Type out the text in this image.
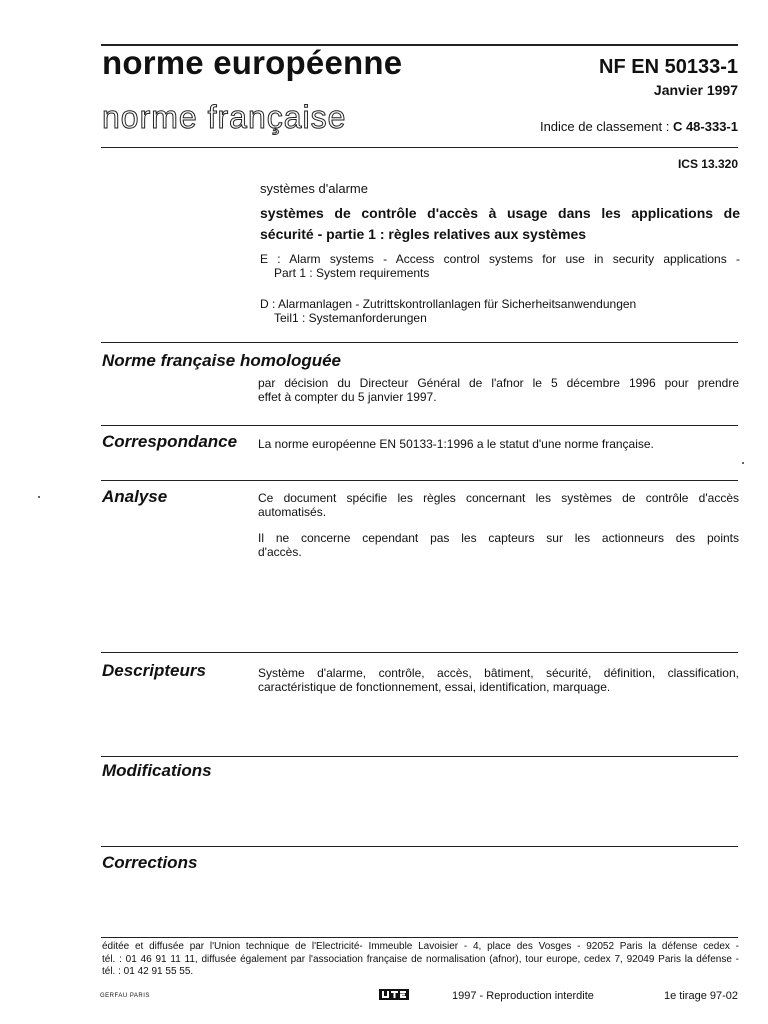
norme européenne
norme française
NF EN 50133-1
Janvier 1997
Indice de classement : C 48-333-1
ICS 13.320
systèmes d'alarme
systèmes de contrôle d'accès à usage dans les applications de
sécurité - partie 1 : règles relatives aux systèmes
E : Alarm systems - Access control systems for use in security applications -
Part 1 : System requirements
D : Alarmanlagen - Zutrittskontrollanlagen für Sicherheitsanwendungen
Teil1 : Systemanforderungen
Norme française homologuée
par décision du Directeur Général de l'afnor le 5 décembre 1996 pour prendre
effet à compter du 5 janvier 1997.
Correspondance La norme européenne EN 50133-1:1996 a le statut d'une norme française.
Analyse	Ce document spécifie les règles concernant les systèmes de contrôle d'accès
automatisés.
Il ne concerne cependant pas les capteurs sur les actionneurs des points
d'accès.
Descripteurs	Système d'alarme, contrôle, accès, bâtiment, sécurité, définition, classification,
caractéristique de fonctionnement, essai, identification, marquage.
Modifications
Corrections
éditée et diffusée par l'Union technique de l'Electricité- Immeuble Lavoisier - 4, place des Vosges - 92052 Paris la défense cedex -
tél. : 01 46 91 11 11, diffusée également par l'association française de normalisation (afnor), tour europe, cedex 7, 92049 Paris la défense -
tél. : 01 42 91 55 55.
GERFAU PARIS	1997 - Reproduction interdite	1e tirage 97-02
